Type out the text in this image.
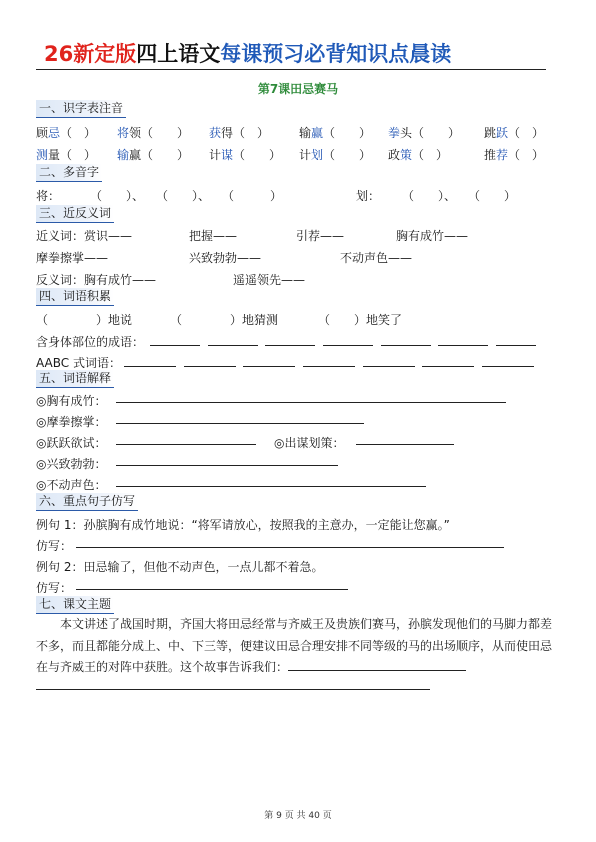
26新定版四上语文每课预习必背知识点晨读
第7课田忌赛马
一、识字表注音
顾忌（　） 将领（　　） 获得（　） 输赢（　　） 拳头（　　） 跳跃（　）
测量（　） 输赢（　　） 计谋（　　） 计划（　　） 政策（　）	推荐（　）
二、多音字
将： （　　）、　　（　　）、　　（　　　）	划： （　　）、　　（　　）
三、近反义词
近义词： 赏识——	把握——	引荐——	胸有成竹——
摩拳擦掌——	兴致勃勃——	不动声色——
反义词： 胸有成竹——	遥遥领先——
四、词语积累
（　　　　）地说	（　　　　）地猜测	（　　）地笑了
含身体部位的成语：

AABC 式词语：

五、词语解释
◎胸有成竹：
◎摩拳擦掌：
◎跃跃欲试：	◎出谋划策：
◎兴致勃勃：
◎不动声色：
六、重点句子仿写
例句 1：孙膑胸有成竹地说：“将军请放心，按照我的主意办，一定能让您赢。”
仿写：
例句 2：田忌输了，但他不动声色，一点儿都不着急。
仿写：
七、课文主题
本文讲述了战国时期，齐国大将田忌经常与齐威王及贵族们赛马，孙膑发现他们的马脚力都差不多，而且都能分成上、中、下三等，便建议田忌合理安排不同等级的马的出场顺序，从而使田忌在与齐威王的对阵中获胜。这个故事告诉我们：
第 9 页 共 40 页
